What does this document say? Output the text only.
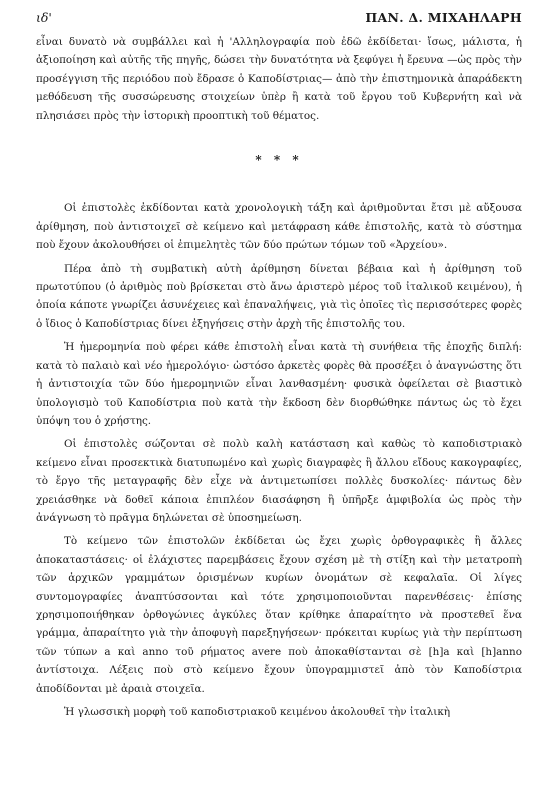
ιδ'	ΠΑΝ. Δ. ΜΙΧΑΗΛΑΡΗ

εἶναι δυνατὸ νὰ συμβάλλει καὶ ἡ 'Αλληλογραφία ποὺ ἐδῶ ἐκδίδεται· ἴσως, μάλιστα, ἡ ἀξιοποίηση καὶ αὐτῆς τῆς πηγῆς, δώσει τὴν δυνατότητα νὰ ξεφύγει ἡ ἔρευνα —ὡς πρὸς τὴν προσέγγιση τῆς περιόδου ποὺ ἔδρασε ὁ Καποδίστριας— ἀπὸ τὴν ἐπιστημονικὰ ἀπαράδεκτη μεθόδευση τῆς συσσώρευσης στοιχείων ὑπὲρ ἢ κατὰ τοῦ ἔργου τοῦ Κυβερνήτη καὶ νὰ πλησιάσει πρὸς τὴν ἱστορικὴ προοπτικὴ τοῦ θέματος.

* * *

Οἱ ἐπιστολὲς ἐκδίδονται κατὰ χρονολογικὴ τάξη καὶ ἀριθμοῦνται ἔτσι μὲ αὔξουσα ἀρίθμηση, ποὺ ἀντιστοιχεῖ σὲ κείμενο καὶ μετάφραση κάθε ἐπιστολῆς, κατὰ τὸ σύστημα ποὺ ἔχουν ἀκολουθήσει οἱ ἐπιμελητὲς τῶν δύο πρώτων τόμων τοῦ «Ἀρχείου».

Πέρα ἀπὸ τὴ συμβατικὴ αὐτὴ ἀρίθμηση δίνεται βέβαια καὶ ἡ ἀρίθμηση τοῦ πρωτοτύπου (ὁ ἀριθμὸς ποὺ βρίσκεται στὸ ἄνω ἀριστερὸ μέρος τοῦ ἰταλικοῦ κειμένου), ἡ ὁποία κάποτε γνωρίζει ἀσυνέχειες καὶ ἐπαναλήψεις, γιὰ τὶς ὁποῖες τὶς περισσότερες φορὲς ὁ ἴδιος ὁ Καποδίστριας δίνει ἐξηγήσεις στὴν ἀρχὴ τῆς ἐπιστολῆς του.

Ἡ ἡμερομηνία ποὺ φέρει κάθε ἐπιστολὴ εἶναι κατὰ τὴ συνήθεια τῆς ἐποχῆς διπλή: κατὰ τὸ παλαιὸ καὶ νέο ἡμερολόγιο· ὡστόσο ἀρκετὲς φορὲς θὰ προσέξει ὁ ἀναγνώστης ὅτι ἡ ἀντιστοιχία τῶν δύο ἡμερομηνιῶν εἶναι λανθασμένη· φυσικὰ ὀφείλεται σὲ βιαστικὸ ὑπολογισμὸ τοῦ Καποδίστρια ποὺ κατὰ τὴν ἔκδοση δὲν διορθώθηκε πάντως ὡς τὸ ἔχει ὑπόψη του ὁ χρήστης.

Οἱ ἐπιστολὲς σώζονται σὲ πολὺ καλὴ κατάσταση καὶ καθὼς τὸ καποδιστριακὸ κείμενο εἶναι προσεκτικὰ διατυπωμένο καὶ χωρὶς διαγραφὲς ἢ ἄλλου εἴδους κακογραφίες, τὸ ἔργο τῆς μεταγραφῆς δὲν εἶχε νὰ ἀντιμετωπίσει πολλὲς δυσκολίες· πάντως δὲν χρειάσθηκε νὰ δοθεῖ κάποια ἐπιπλέον διασάφηση ἢ ὑπῆρξε ἀμφιβολία ὡς πρὸς τὴν ἀνάγνωση τὸ πρᾶγμα δηλώνεται σὲ ὑποσημείωση.

Τὸ κείμενο τῶν ἐπιστολῶν ἐκδίδεται ὡς ἔχει χωρὶς ὀρθογραφικὲς ἢ ἄλλες ἀποκαταστάσεις· οἱ ἐλάχιστες παρεμβάσεις ἔχουν σχέση μὲ τὴ στίξη καὶ τὴν μετατροπὴ τῶν ἀρχικῶν γραμμάτων ὁρισμένων κυρίων ὀνομάτων σὲ κεφαλαῖα. Οἱ λίγες συντομογραφίες ἀναπτύσσονται καὶ τότε χρησιμοποιοῦνται παρενθέσεις· ἐπίσης χρησιμοποιήθηκαν ὀρθογώνιες ἀγκύλες ὅταν κρίθηκε ἀπαραίτητο νὰ προστεθεῖ ἕνα γράμμα, ἀπαραίτητο γιὰ τὴν ἀποφυγὴ παρεξηγήσεων· πρόκειται κυρίως γιὰ τὴν περίπτωση τῶν τύπων a καὶ anno τοῦ ρήματος avere ποὺ ἀποκαθίστανται σὲ [h]a καὶ [h]anno ἀντίστοιχα. Λέξεις ποὺ στὸ κείμενο ἔχουν ὑπογραμμιστεῖ ἀπὸ τὸν Καποδίστρια ἀποδίδονται μὲ ἀραιὰ στοιχεῖα.

Ἡ γλωσσικὴ μορφὴ τοῦ καποδιστριακοῦ κειμένου ἀκολουθεῖ τὴν ἰταλικὴ
